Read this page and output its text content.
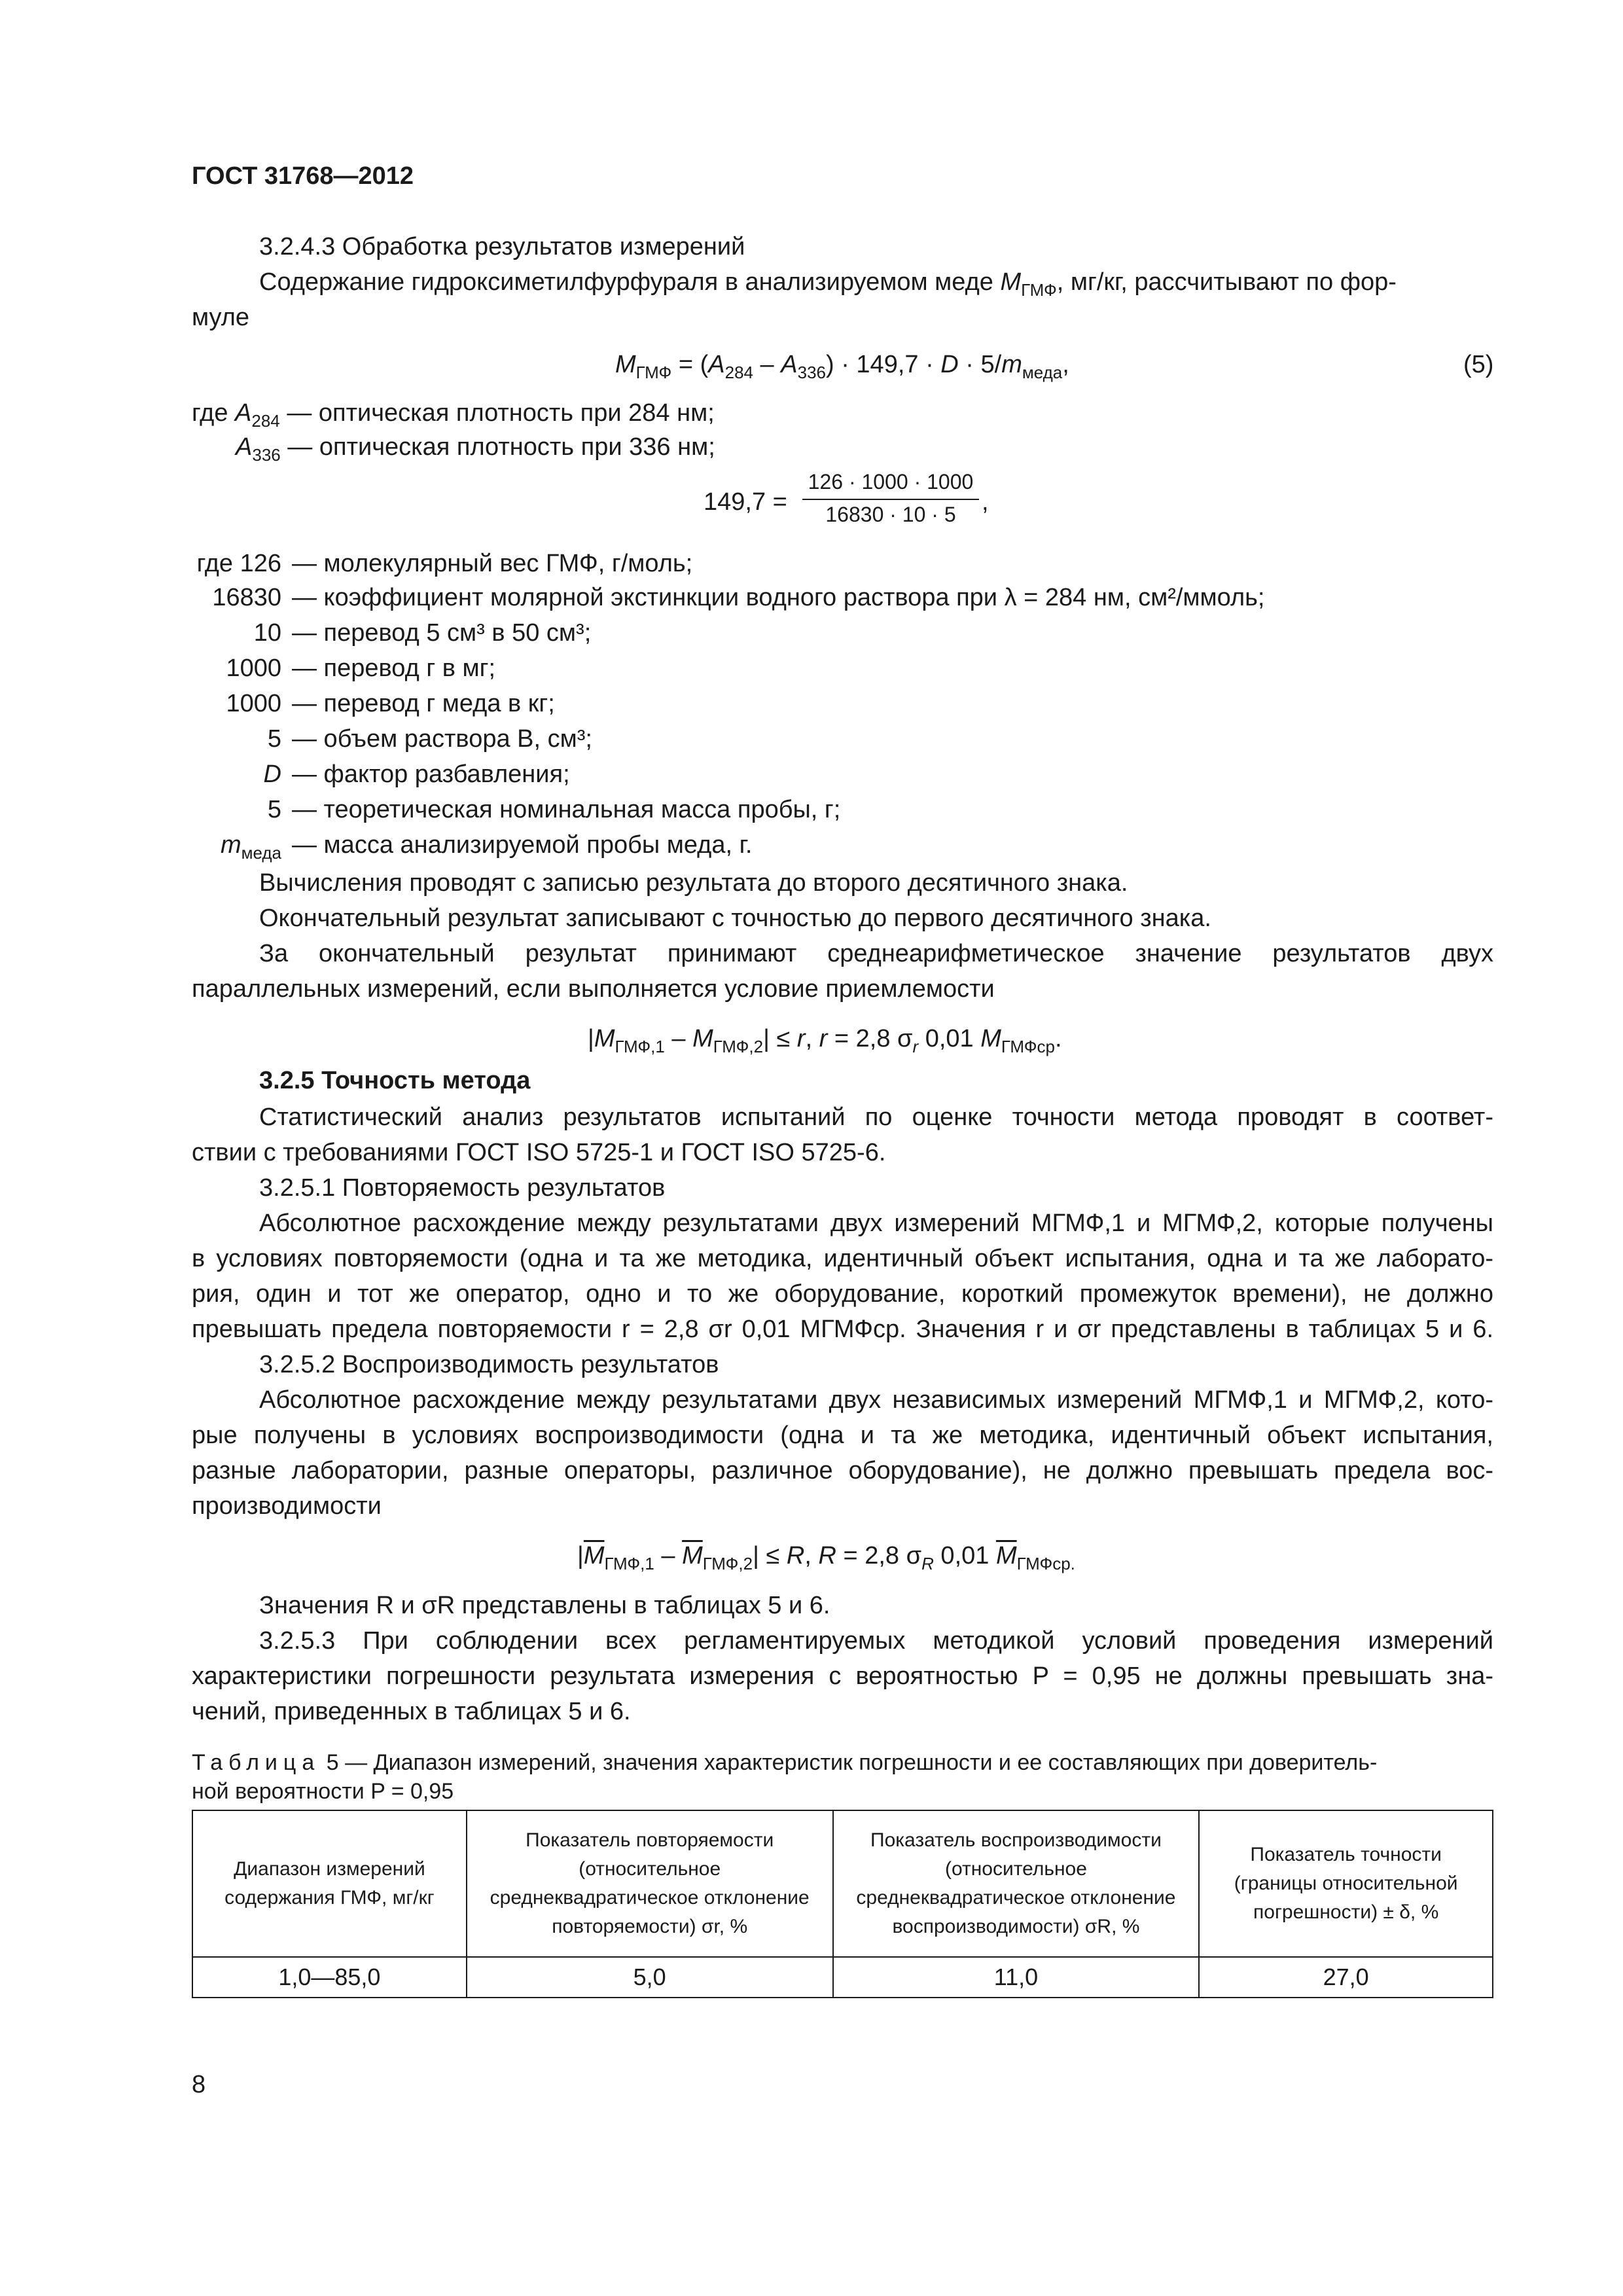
ГОСТ 31768—2012
3.2.4.3 Обработка результатов измерений
Содержание гидроксиметилфурфураля в анализируемом меде $M_{ГМФ}$, мг/кг, рассчитывают по фор-
муле
$M_{ГМФ} = (A_{284} - A_{336}) \cdot 149,7 \cdot D \cdot 5/m_{меда}$,	(5)
где $A_{284}$ — оптическая плотность при 284 нм;
$A_{336}$ — оптическая плотность при 336 нм;
149,7 =
126 · 1000 · 1000
16830 · 10 · 5	,
где 126 — молекулярный вес ГМФ, г/моль;
16830 — коэффициент молярной экстинкции водного раствора при λ = 284 нм, см²/ммоль;
10 — перевод 5 см³ в 50 см³;
1000 — перевод г в мг;
1000 — перевод г меда в кг;
5 — объем раствора В, см³;
D — фактор разбавления;
5 — теоретическая номинальная масса пробы, г;
$m_{меда}$ — масса анализируемой пробы меда, г.
Вычисления проводят с записью результата до второго десятичного знака.
Окончательный результат записывают с точностью до первого десятичного знака.
За окончательный результат принимают среднеарифметическое значение результатов двух
параллельных измерений, если выполняется условие приемлемости
$|M_{ГМФ,1} - M_{ГМФ,2}| \le r$, r = 2,8 $\sigma_r$ 0,01 $M_{ГМФср}$.
3.2.5 Точность метода
Статистический анализ результатов испытаний по оценке точности метода проводят в соответ-
ствии с требованиями ГОСТ ISO 5725-1 и ГОСТ ISO 5725-6.
3.2.5.1 Повторяемость результатов
Абсолютное расхождение между результатами двух измерений МГМФ,1 и МГМФ,2, которые получены
в условиях повторяемости (одна и та же методика, идентичный объект испытания, одна и та же лаборато-
рия, один и тот же оператор, одно и то же оборудование, короткий промежуток времени), не должно
превышать предела повторяемости r = 2,8 σr 0,01 МГМФср. Значения r и σr представлены в таблицах 5 и 6.
3.2.5.2 Воспроизводимость результатов
Абсолютное расхождение между результатами двух независимых измерений МГМФ,1 и МГМФ,2, кото-
рые получены в условиях воспроизводимости (одна и та же методика, идентичный объект испытания,
разные лаборатории, разные операторы, различное оборудование), не должно превышать предела вос-
производимости
$|\overline{M}_{ГМФ,1} - \overline{M}_{ГМФ,2}| \le R$, R = 2,8 $\sigma_R$ 0,01 $\overline{M}_{ГМФср.}$
Значения R и σR представлены в таблицах 5 и 6.
3.2.5.3 При соблюдении всех регламентируемых методикой условий проведения измерений
характеристики погрешности результата измерения с вероятностью P = 0,95 не должны превышать зна-
чений, приведенных в таблицах 5 и 6.
Таблица 5 — Диапазон измерений, значения характеристик погрешности и ее составляющих при доверитель-
ной вероятности P = 0,95
Диапазон измерений содержания ГМФ, мг/кг	Показатель повторяемости (относительное среднеквадратическое отклонение повторяемости) σr, %	Показатель воспроизводимости (относительное среднеквадратическое отклонение воспроизводимости) σR, %	Показатель точности (границы относительной погрешности) ± δ, %
1,0—85,0	5,0	11,0	27,0
8
